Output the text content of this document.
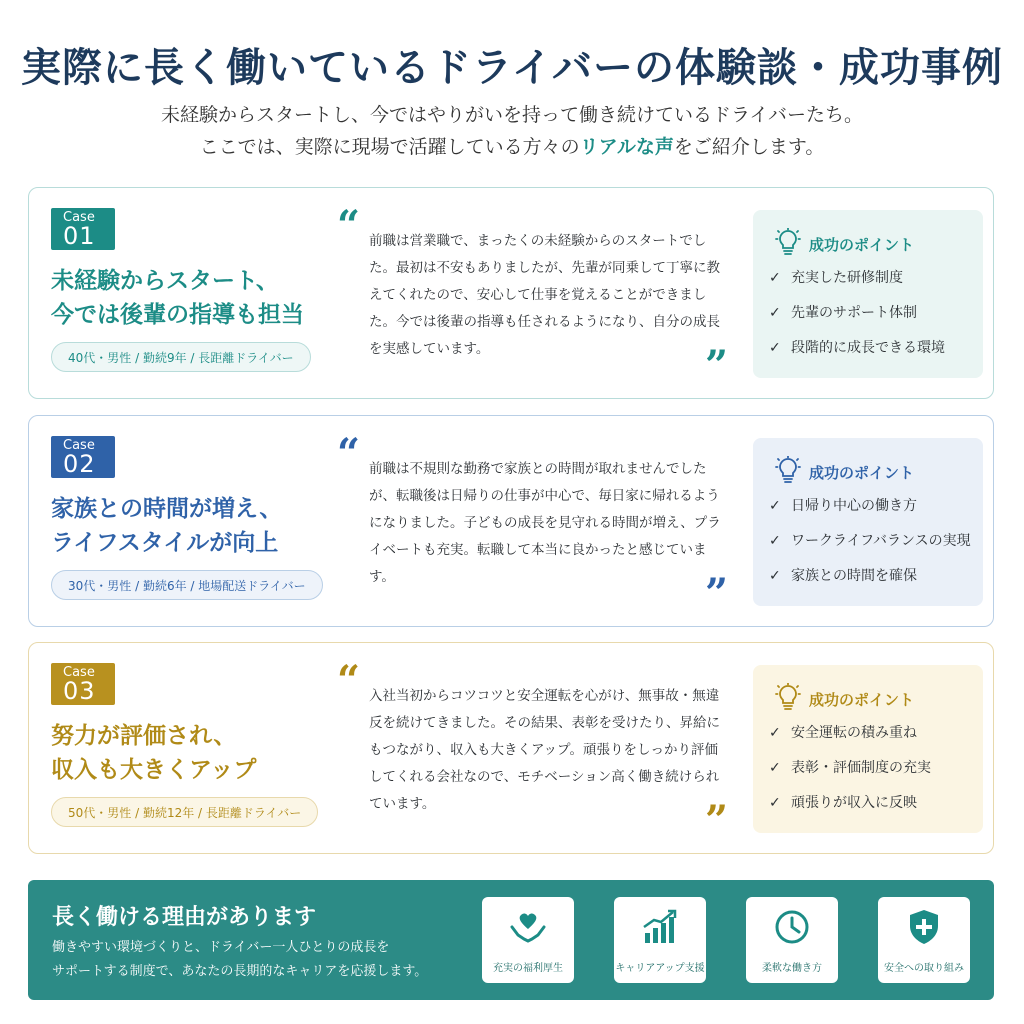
実際に長く働いているドライバーの体験談・成功事例

未経験からスタートし、今ではやりがいを持って働き続けているドライバーたち。

ここでは、実際に現場で活躍している方々のリアルな声をご紹介します。

Case
01
未経験からスタート、
今では後輩の指導も担当
40代・男性 / 勤続9年 / 長距離ドライバー
“ 前職は営業職で、まったくの未経験からのスタートでした。最初は不安もありましたが、先輩が同乗して丁寧に教えてくれたので、安心して仕事を覚えることができました。今では後輩の指導も任されるようになり、自分の成長を実感しています。	”
成功のポイント
✓ 充実した研修制度
✓ 先輩のサポート体制
✓ 段階的に成長できる環境
Case
02
家族との時間が増え、
ライフスタイルが向上
30代・男性 / 勤続6年 / 地場配送ドライバー
“ 前職は不規則な勤務で家族との時間が取れませんでしたが、転職後は日帰りの仕事が中心で、毎日家に帰れるようになりました。子どもの成長を見守れる時間が増え、プライベートも充実。転職して本当に良かったと感じています。	”
成功のポイント
✓ 日帰り中心の働き方
✓ ワークライフバランスの実現
✓ 家族との時間を確保
Case
03
努力が評価され、
収入も大きくアップ
50代・男性 / 勤続12年 / 長距離ドライバー
“ 入社当初からコツコツと安全運転を心がけ、無事故・無違反を続けてきました。その結果、表彰を受けたり、昇給にもつながり、収入も大きくアップ。頑張りをしっかり評価してくれる会社なので、モチベーション高く働き続けられています。	”
成功のポイント
✓ 安全運転の積み重ね
✓ 表彰・評価制度の充実
✓ 頑張りが収入に反映
長く働ける理由があります
働きやすい環境づくりと、ドライバー一人ひとりの成長を
サポートする制度で、あなたの長期的なキャリアを応援します。	充実の福利厚生	キャリアアップ支援	柔軟な働き方	安全への取り組み
